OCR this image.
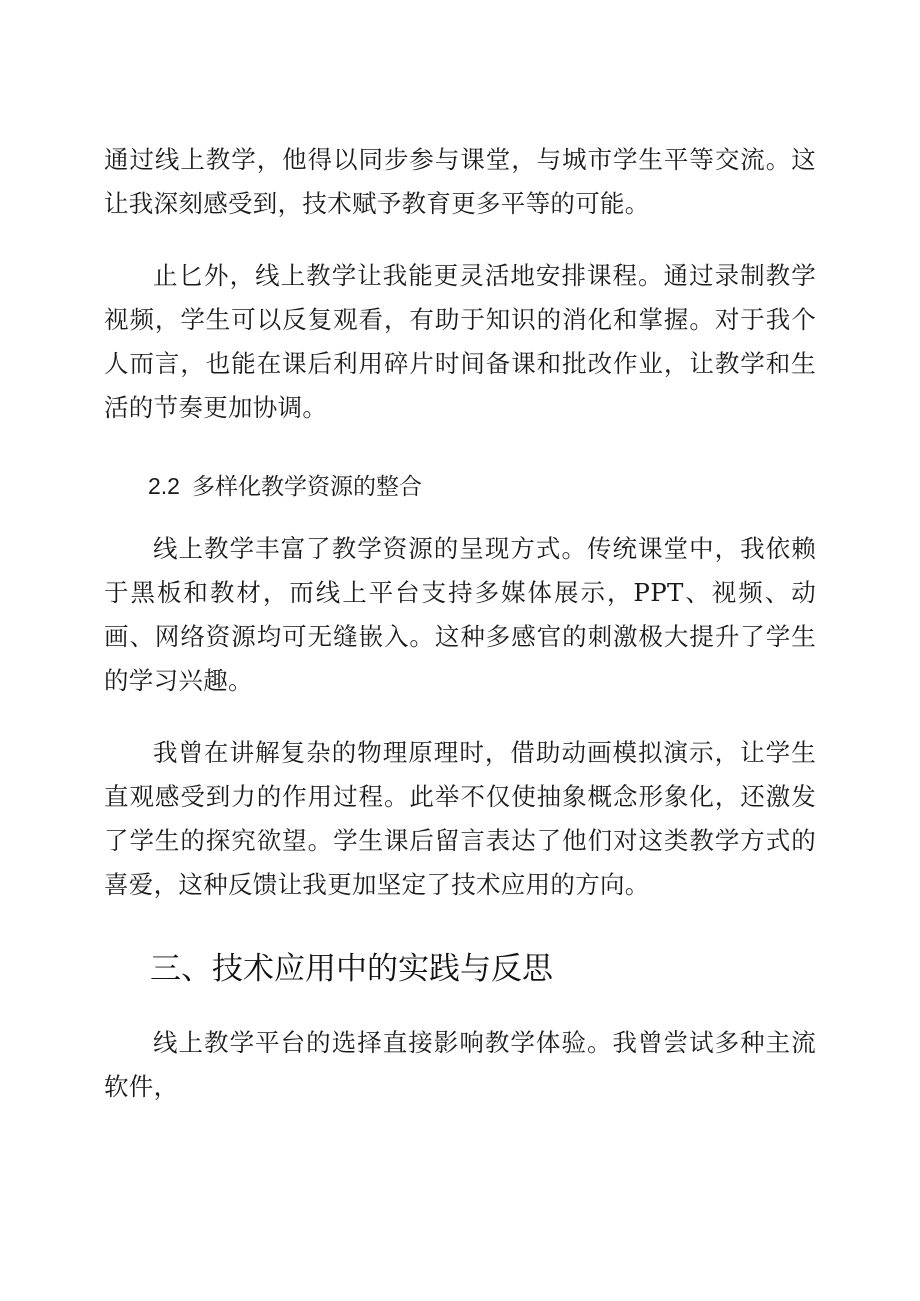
通过线上教学，他得以同步参与课堂，与城市学生平等交流。这让我深刻感受到，技术赋予教育更多平等的可能。

止匕外，线上教学让我能更灵活地安排课程。通过录制教学视频，学生可以反复观看，有助于知识的消化和掌握。对于我个人而言，也能在课后利用碎片时间备课和批改作业，让教学和生活的节奏更加协调。

2.2 多样化教学资源的整合

线上教学丰富了教学资源的呈现方式。传统课堂中，我依赖于黑板和教材，而线上平台支持多媒体展示，PPT、视频、动画、网络资源均可无缝嵌入。这种多感官的刺激极大提升了学生的学习兴趣。

我曾在讲解复杂的物理原理时，借助动画模拟演示，让学生直观感受到力的作用过程。此举不仅使抽象概念形象化，还激发了学生的探究欲望。学生课后留言表达了他们对这类教学方式的喜爱，这种反馈让我更加坚定了技术应用的方向。

三、技术应用中的实践与反思

线上教学平台的选择直接影响教学体验。我曾尝试多种主流软件，
